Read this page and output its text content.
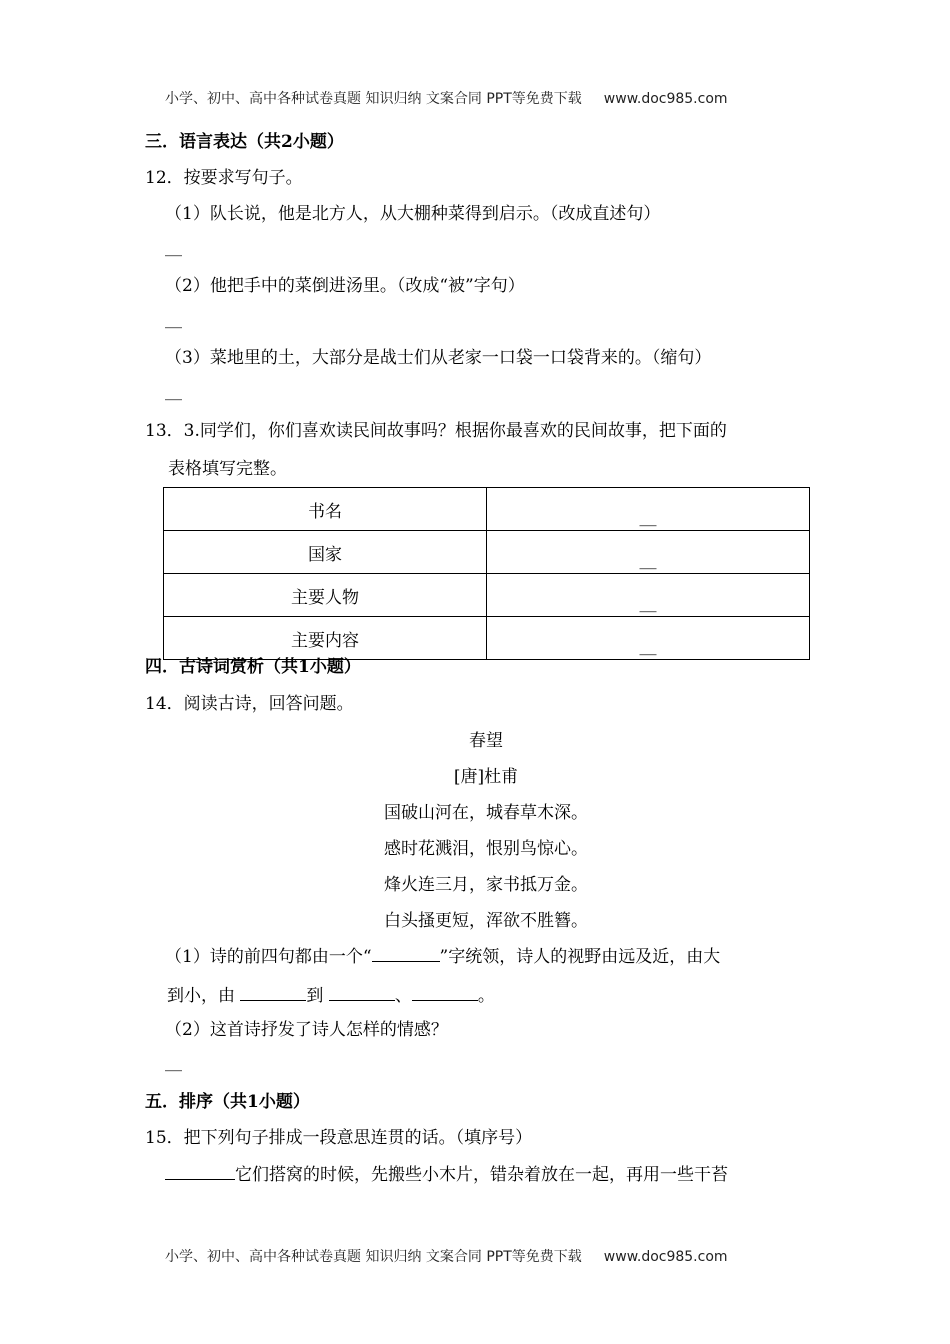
小学、初中、高中各种试卷真题 知识归纳 文案合同 PPT等免费下载 www.doc985.com
三．语言表达（共2小题）
12．按要求写句子。
（1）队长说，他是北方人，从大棚种菜得到启示。（改成直述句）
__
（2）他把手中的菜倒进汤里。（改成“被”字句）
__
（3）菜地里的土，大部分是战士们从老家一口袋一口袋背来的。（缩句）
__
13．3.同学们，你们喜欢读民间故事吗？根据你最喜欢的民间故事，把下面的
表格填写完整。
书名	__
国家	__
主要人物	__
主要内容	__
四．古诗词赏析（共1小题）
14．阅读古诗，回答问题。
春望
[唐]杜甫
国破山河在，城春草木深。
感时花溅泪，恨别鸟惊心。
烽火连三月，家书抵万金。
白头搔更短，浑欲不胜簪。
（1）诗的前四句都由一个“	”字统领，诗人的视野由远及近，由大
到小，由	到	、	。
（2）这首诗抒发了诗人怎样的情感？
__
五．排序（共1小题）
15．把下列句子排成一段意思连贯的话。（填序号）
它们搭窝的时候，先搬些小木片，错杂着放在一起，再用一些干苔
小学、初中、高中各种试卷真题 知识归纳 文案合同 PPT等免费下载 www.doc985.com
